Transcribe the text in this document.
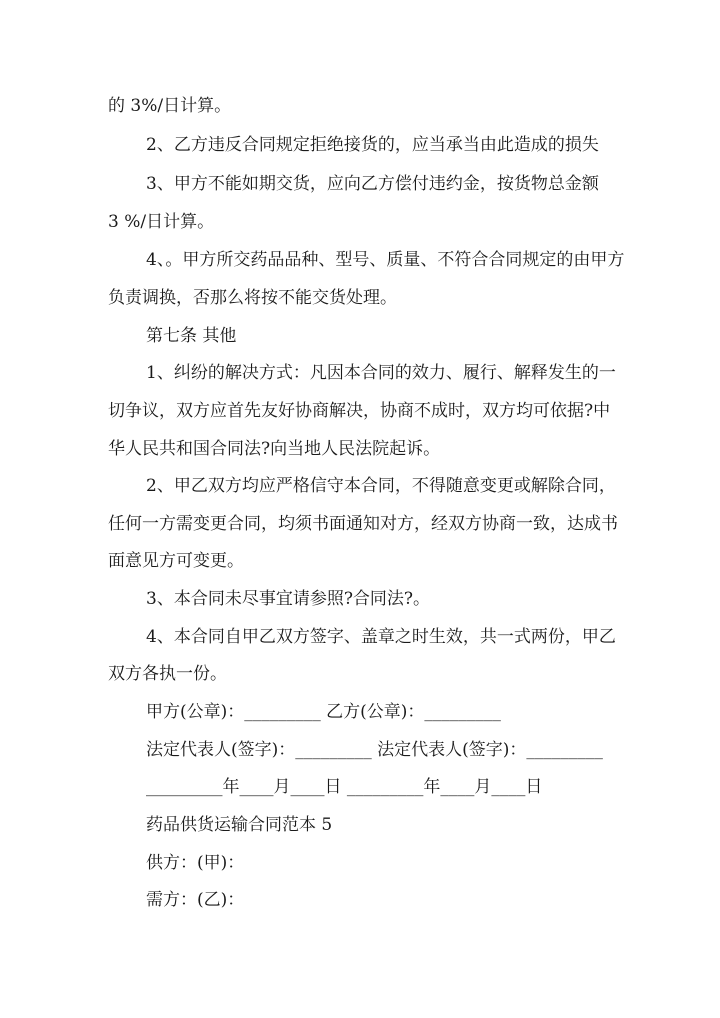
的 3%/日计算。
2、乙方违反合同规定拒绝接货的，应当承当由此造成的损失
3、甲方不能如期交货，应向乙方偿付违约金，按货物总金额
3 %/日计算。
4、。甲方所交药品品种、型号、质量、不符合合同规定的由甲方
负责调换，否那么将按不能交货处理。
第七条 其他
1、纠纷的解决方式：凡因本合同的效力、履行、解释发生的一
切争议，双方应首先友好协商解决，协商不成时，双方均可依据?中
华人民共和国合同法?向当地人民法院起诉。
2、甲乙双方均应严格信守本合同，不得随意变更或解除合同，
任何一方需变更合同，均须书面通知对方，经双方协商一致，达成书
面意见方可变更。
3、本合同未尽事宜请参照?合同法?。
4、本合同自甲乙双方签字、盖章之时生效，共一式两份，甲乙
双方各执一份。
甲方(公章)：_________ 乙方(公章)：_________
法定代表人(签字)：_________ 法定代表人(签字)：_________
_________年____月____日 _________年____月____日
药品供货运输合同范本 5
供方：(甲)：
需方：(乙)：
